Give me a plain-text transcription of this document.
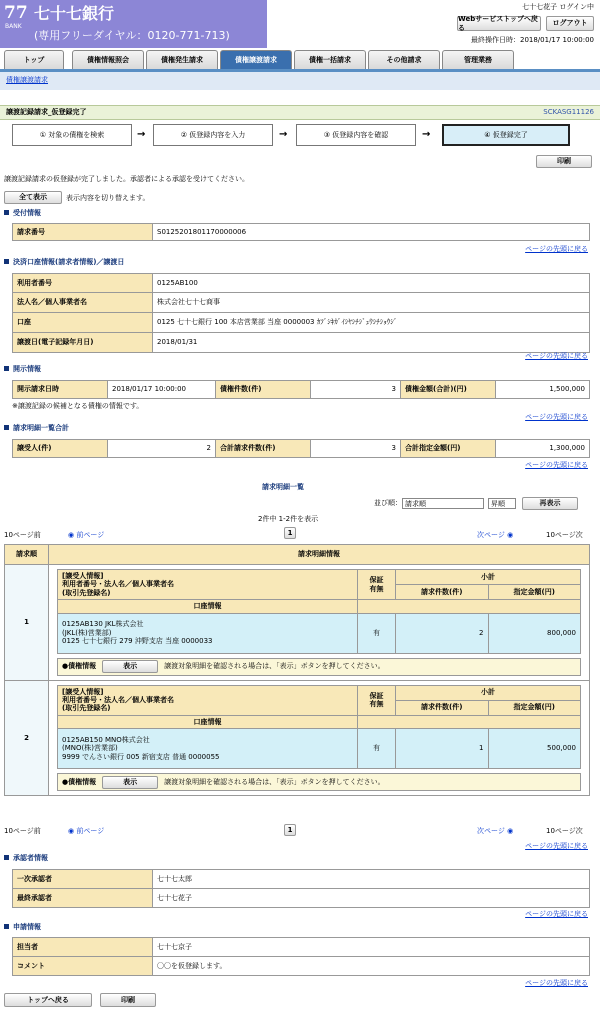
77
BANK
七十七銀行
(専用フリーダイヤル：0120-771-713)
七十七花子 ログイン中
Webサービストップへ戻る
ログアウト
最終操作日時：2018/01/17 10:00:00
トップ	債権情報照会	債権発生請求	債権譲渡請求	債権一括請求	その他請求	管理業務
債権譲渡請求
譲渡記録請求_仮登録完了	SCKASG11126
① 対象の債権を検索	→	② 仮登録内容を入力	→	③ 仮登録内容を確認	→	④ 仮登録完了
印刷
譲渡記録請求の仮登録が完了しました。承認者による承認を受けてください。
全て表示	表示内容を切り替えます。
受付情報
請求番号	S0125201801170000006
ページの先頭に戻る
決済口座情報(請求者情報)／譲渡日
利用者番号	0125AB100
法人名／個人事業者名	株式会社七十七商事
口座	0125 七十七銀行 100 本店営業部 当座 0000003 ｶﾌﾞｼｷｶﾞｲｼﾔｼﾁｼﾞｭｳｼﾁｼｮｳｼﾞ
譲渡日(電子記録年月日)	2018/01/31
ページの先頭に戻る
開示情報
開示請求日時	2018/01/17 10:00:00	債権件数(件)	3	債権金額(合計)(円)	1,500,000
※譲渡記録の候補となる債権の情報です。
ページの先頭に戻る
請求明細一覧合計
譲受人(件)	2	合計請求件数(件)	3	合計指定金額(円)	1,300,000
ページの先頭に戻る
請求明細一覧
並び順： 請求順	昇順	再表示
2件中 1-2件を表示
10ページ前	◉ 前ページ	1	次ページ ◉	10ページ次
請求順	請求明細情報
1	
[譲受人情報]
利用者番号・法人名／個人事業者名
(取引先登録名)	保証
有無	小計
請求件数(件)	指定金額(円)
口座情報	
0125AB130 JKL株式会社
(JKL(株)営業部)
0125 七十七銀行 279 沖野支店 当座 0000033	有	2	800,000
●債権情報	表示	譲渡対象明細を確認される場合は、「表示」ボタンを押してください。

2	
[譲受人情報]
利用者番号・法人名／個人事業者名
(取引先登録名)	保証
有無	小計
請求件数(件)	指定金額(円)
口座情報	
0125AB150 MNO株式会社
(MNO(株)営業部)
9999 でんさい銀行 005 新宿支店 普通 0000055	有	1	500,000
●債権情報	表示	譲渡対象明細を確認される場合は、「表示」ボタンを押してください。
10ページ前	◉ 前ページ	1	次ページ ◉	10ページ次
ページの先頭に戻る
承認者情報
一次承認者	七十七太郎
最終承認者	七十七花子
ページの先頭に戻る
申請情報
担当者	七十七京子
コメント	〇〇を仮登録します。
ページの先頭に戻る
トップへ戻る	印刷
